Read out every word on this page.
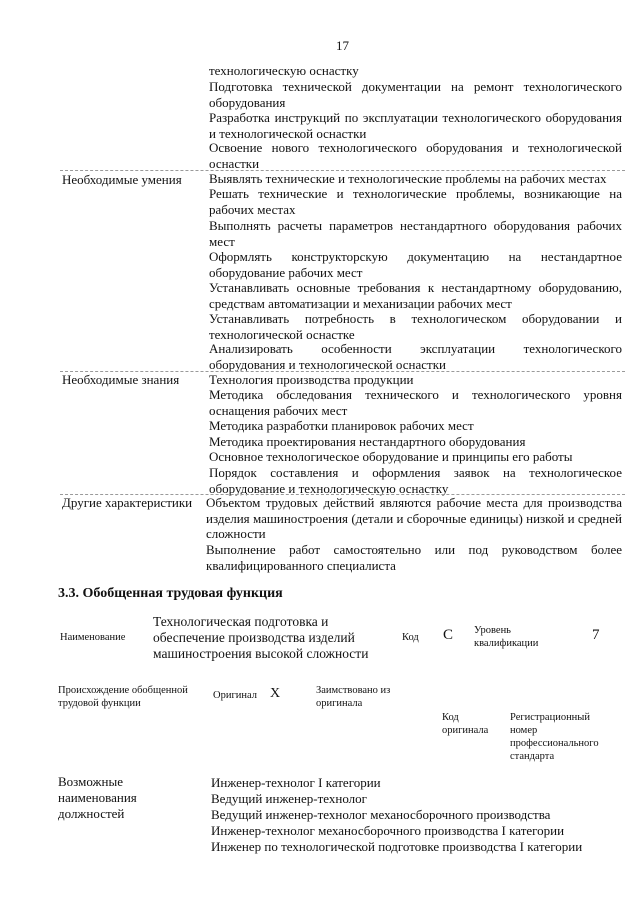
17
технологическую оснастку

Подготовка технической документации на ремонт технологического оборудования

Разработка инструкций по эксплуатации технологического оборудования и технологической оснастки

Освоение нового технологического оборудования и технологической оснастки

Необходимые умения Выявлять технические и технологические проблемы на рабочих местах

Решать технические и технологические проблемы, возникающие на рабочих местах

Выполнять расчеты параметров нестандартного оборудования рабочих мест

Оформлять конструкторскую документацию на нестандартное оборудование рабочих мест

Устанавливать основные требования к нестандартному оборудованию, средствам автоматизации и механизации рабочих мест

Устанавливать потребность в технологическом оборудовании и технологической оснастке

Анализировать особенности эксплуатации технологического оборудования и технологической оснастки

Необходимые знания Технология производства продукции

Методика обследования технического и технологического уровня оснащения рабочих мест

Методика разработки планировок рабочих мест

Методика проектирования нестандартного оборудования

Основное технологическое оборудование и принципы его работы

Порядок составления и оформления заявок на технологическое оборудование и технологическую оснастку

Другие характеристики Объектом трудовых действий являются рабочие места для производства изделия машиностроения (детали и сборочные единицы) низкой и средней сложности

Выполнение работ самостоятельно или под руководством более квалифицированного специалиста

3.3. Обобщенная трудовая функция
Наименование

Технологическая подготовка и обеспечение производства изделий машиностроения высокой сложности

Код C Уровень квалификации

7

Происхождение обобщенной трудовой функции

Оригинал X	Заимствовано из оригинала

Код оригинала

Регистрационный номер профессионального стандарта

Возможные наименования должностей

Инженер-технолог I категории
Ведущий инженер-технолог
Ведущий инженер-технолог механосборочного производства
Инженер-технолог механосборочного производства I категории
Инженер по технологической подготовке производства I категории
